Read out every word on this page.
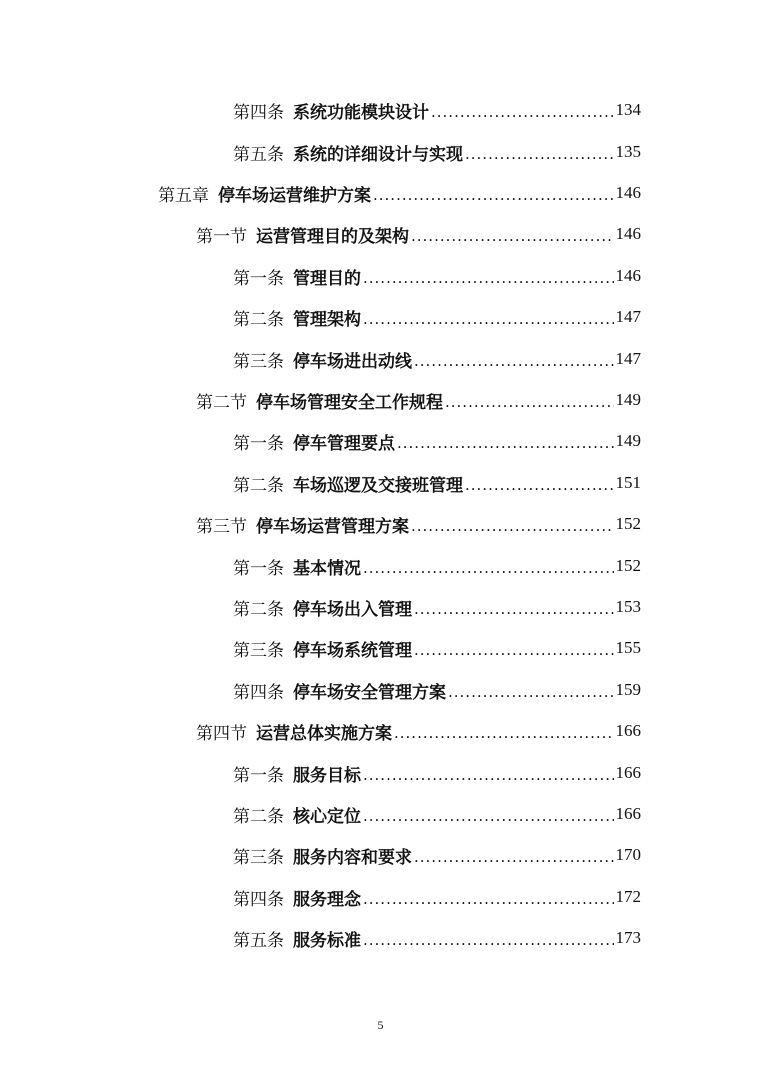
第四条 系统功能模块设计 .....	134
第五条 系统的详细设计与实现 .....	135
第五章 停车场运营维护方案 .....	146
第一节 运营管理目的及架构 .....	146
第一条 管理目的 .....	146
第二条 管理架构 .....	147
第三条 停车场进出动线 .....	147
第二节 停车场管理安全工作规程 .....	149
第一条 停车管理要点 .....	149
第二条 车场巡逻及交接班管理 .....	151
第三节 停车场运营管理方案 .....	152
第一条 基本情况 .....	152
第二条 停车场出入管理 .....	153
第三条 停车场系统管理 .....	155
第四条 停车场安全管理方案 .....	159
第四节 运营总体实施方案 .....	166
第一条 服务目标 .....	166
第二条 核心定位 .....	166
第三条 服务内容和要求 .....	170
第四条 服务理念 .....	172
第五条 服务标准 .....	173
5
